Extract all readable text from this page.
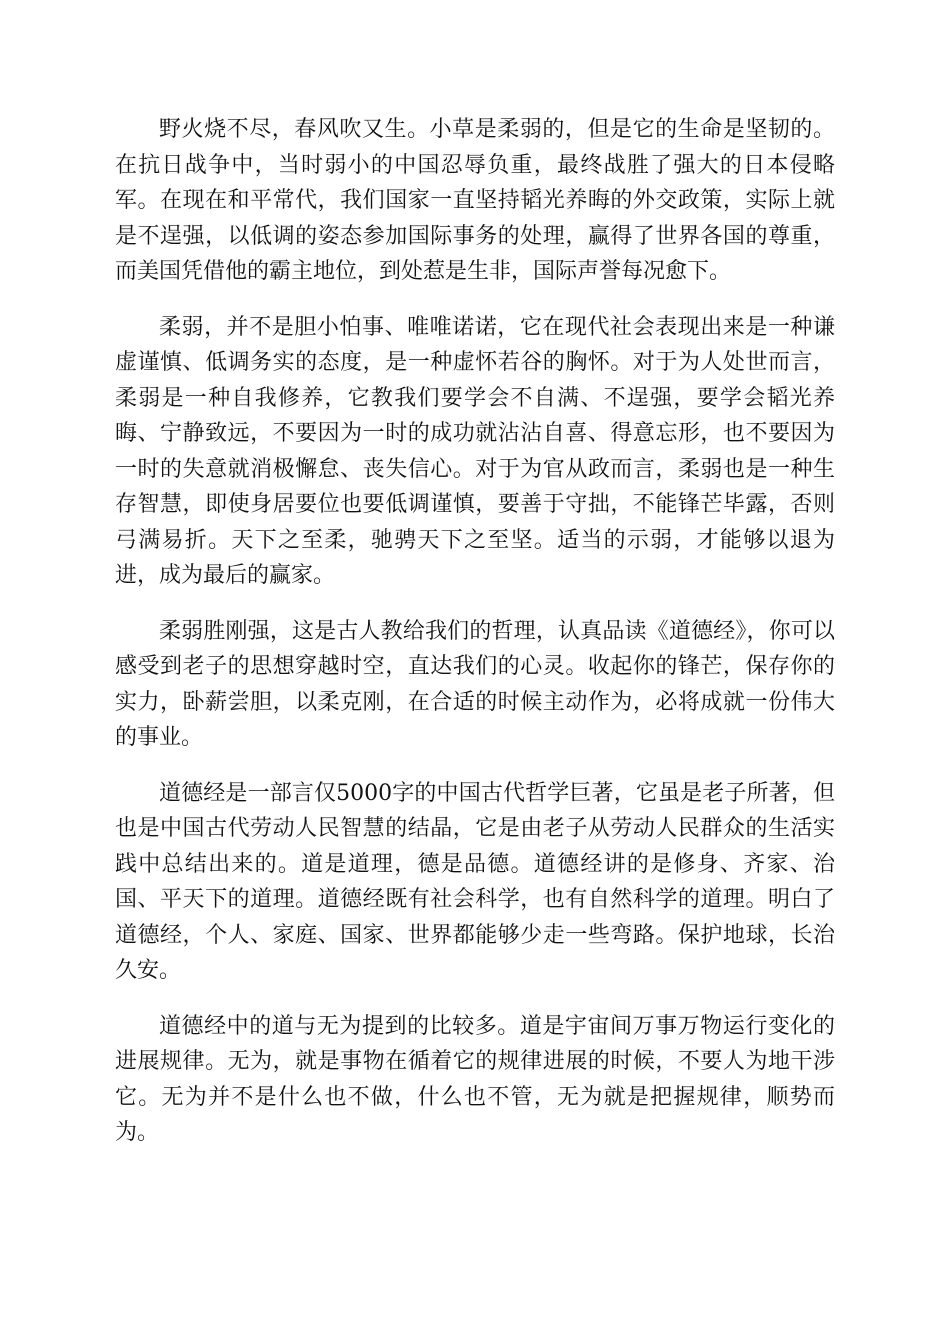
野火烧不尽，春风吹又生。小草是柔弱的，但是它的生命是坚韧的。在抗日战争中，当时弱小的中国忍辱负重，最终战胜了强大的日本侵略军。在现在和平常代，我们国家一直坚持韬光养晦的外交政策，实际上就是不逞强，以低调的姿态参加国际事务的处理，赢得了世界各国的尊重，而美国凭借他的霸主地位，到处惹是生非，国际声誉每况愈下。

柔弱，并不是胆小怕事、唯唯诺诺，它在现代社会表现出来是一种谦虚谨慎、低调务实的态度，是一种虚怀若谷的胸怀。对于为人处世而言，柔弱是一种自我修养，它教我们要学会不自满、不逞强，要学会韬光养晦、宁静致远，不要因为一时的成功就沾沾自喜、得意忘形，也不要因为一时的失意就消极懈怠、丧失信心。对于为官从政而言，柔弱也是一种生存智慧，即使身居要位也要低调谨慎，要善于守拙，不能锋芒毕露，否则弓满易折。天下之至柔，驰骋天下之至坚。适当的示弱，才能够以退为进，成为最后的赢家。

柔弱胜刚强，这是古人教给我们的哲理，认真品读《道德经》，你可以感受到老子的思想穿越时空，直达我们的心灵。收起你的锋芒，保存你的实力，卧薪尝胆，以柔克刚，在合适的时候主动作为，必将成就一份伟大的事业。

道德经是一部言仅5000字的中国古代哲学巨著，它虽是老子所著，但也是中国古代劳动人民智慧的结晶，它是由老子从劳动人民群众的生活实践中总结出来的。道是道理，德是品德。道德经讲的是修身、齐家、治国、平天下的道理。道德经既有社会科学，也有自然科学的道理。明白了道德经，个人、家庭、国家、世界都能够少走一些弯路。保护地球，长治久安。

道德经中的道与无为提到的比较多。道是宇宙间万事万物运行变化的进展规律。无为，就是事物在循着它的规律进展的时候，不要人为地干涉它。无为并不是什么也不做，什么也不管，无为就是把握规律，顺势而为。
